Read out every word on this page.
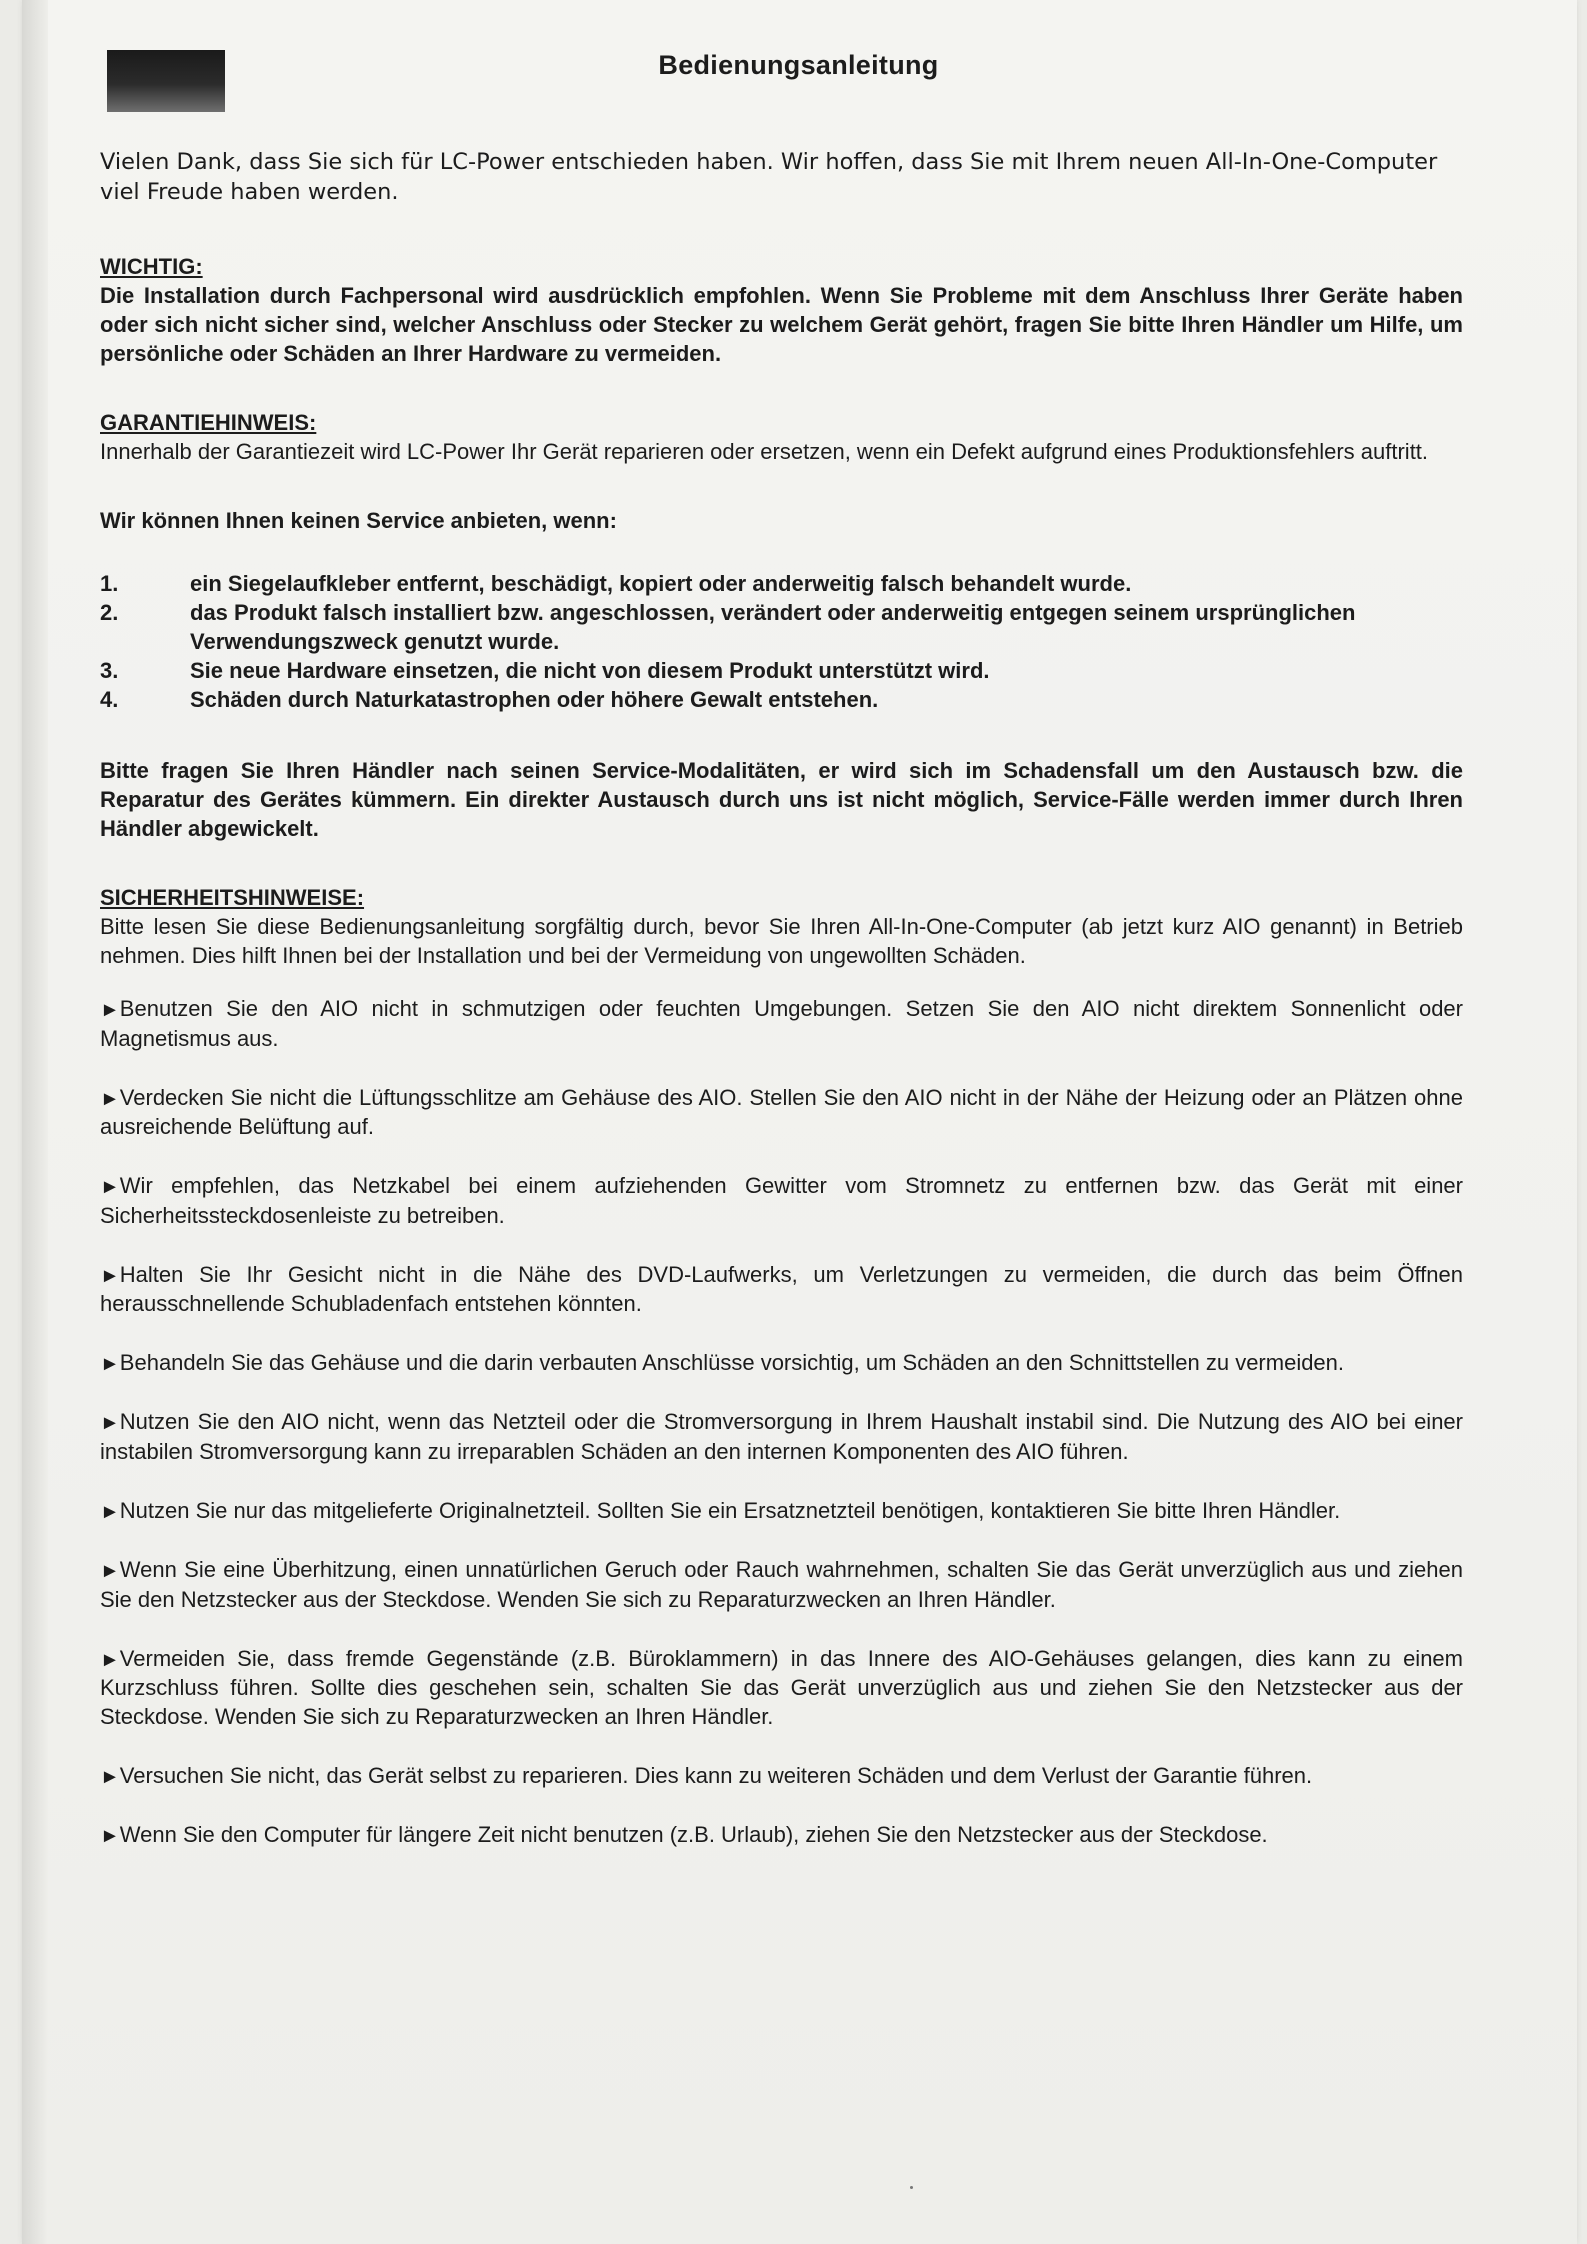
Bedienungsanleitung

Vielen Dank, dass Sie sich für LC-Power entschieden haben. Wir hoffen, dass Sie mit Ihrem neuen All-In-One-Computer viel Freude haben werden.

WICHTIG:

Die Installation durch Fachpersonal wird ausdrücklich empfohlen. Wenn Sie Probleme mit dem Anschluss Ihrer Geräte haben oder sich nicht sicher sind, welcher Anschluss oder Stecker zu welchem Gerät gehört, fragen Sie bitte Ihren Händler um Hilfe, um persönliche oder Schäden an Ihrer Hardware zu vermeiden.

GARANTIEHINWEIS:

Innerhalb der Garantiezeit wird LC-Power Ihr Gerät reparieren oder ersetzen, wenn ein Defekt aufgrund eines Produktionsfehlers auftritt.

Wir können Ihnen keinen Service anbieten, wenn:

1.	ein Siegelaufkleber entfernt, beschädigt, kopiert oder anderweitig falsch behandelt wurde.
2.	das Produkt falsch installiert bzw. angeschlossen, verändert oder anderweitig entgegen seinem ursprünglichen Verwendungszweck genutzt wurde.
3.	Sie neue Hardware einsetzen, die nicht von diesem Produkt unterstützt wird.
4.	Schäden durch Naturkatastrophen oder höhere Gewalt entstehen.

Bitte fragen Sie Ihren Händler nach seinen Service-Modalitäten, er wird sich im Schadensfall um den Austausch bzw. die Reparatur des Gerätes kümmern. Ein direkter Austausch durch uns ist nicht möglich, Service-Fälle werden immer durch Ihren Händler abgewickelt.

SICHERHEITSHINWEISE:

Bitte lesen Sie diese Bedienungsanleitung sorgfältig durch, bevor Sie Ihren All-In-One-Computer (ab jetzt kurz AIO genannt) in Betrieb nehmen. Dies hilft Ihnen bei der Installation und bei der Vermeidung von ungewollten Schäden.

►Benutzen Sie den AIO nicht in schmutzigen oder feuchten Umgebungen. Setzen Sie den AIO nicht direktem Sonnenlicht oder Magnetismus aus.

►Verdecken Sie nicht die Lüftungsschlitze am Gehäuse des AIO. Stellen Sie den AIO nicht in der Nähe der Heizung oder an Plätzen ohne ausreichende Belüftung auf.

►Wir empfehlen, das Netzkabel bei einem aufziehenden Gewitter vom Stromnetz zu entfernen bzw. das Gerät mit einer Sicherheitssteckdosenleiste zu betreiben.

►Halten Sie Ihr Gesicht nicht in die Nähe des DVD-Laufwerks, um Verletzungen zu vermeiden, die durch das beim Öffnen herausschnellende Schubladenfach entstehen könnten.

►Behandeln Sie das Gehäuse und die darin verbauten Anschlüsse vorsichtig, um Schäden an den Schnittstellen zu vermeiden.

►Nutzen Sie den AIO nicht, wenn das Netzteil oder die Stromversorgung in Ihrem Haushalt instabil sind. Die Nutzung des AIO bei einer instabilen Stromversorgung kann zu irreparablen Schäden an den internen Komponenten des AIO führen.

►Nutzen Sie nur das mitgelieferte Originalnetzteil. Sollten Sie ein Ersatznetzteil benötigen, kontaktieren Sie bitte Ihren Händler.

►Wenn Sie eine Überhitzung, einen unnatürlichen Geruch oder Rauch wahrnehmen, schalten Sie das Gerät unverzüglich aus und ziehen Sie den Netzstecker aus der Steckdose. Wenden Sie sich zu Reparaturzwecken an Ihren Händler.

►Vermeiden Sie, dass fremde Gegenstände (z.B. Büroklammern) in das Innere des AIO-Gehäuses gelangen, dies kann zu einem Kurzschluss führen. Sollte dies geschehen sein, schalten Sie das Gerät unverzüglich aus und ziehen Sie den Netzstecker aus der Steckdose. Wenden Sie sich zu Reparaturzwecken an Ihren Händler.

►Versuchen Sie nicht, das Gerät selbst zu reparieren. Dies kann zu weiteren Schäden und dem Verlust der Garantie führen.

►Wenn Sie den Computer für längere Zeit nicht benutzen (z.B. Urlaub), ziehen Sie den Netzstecker aus der Steckdose.
